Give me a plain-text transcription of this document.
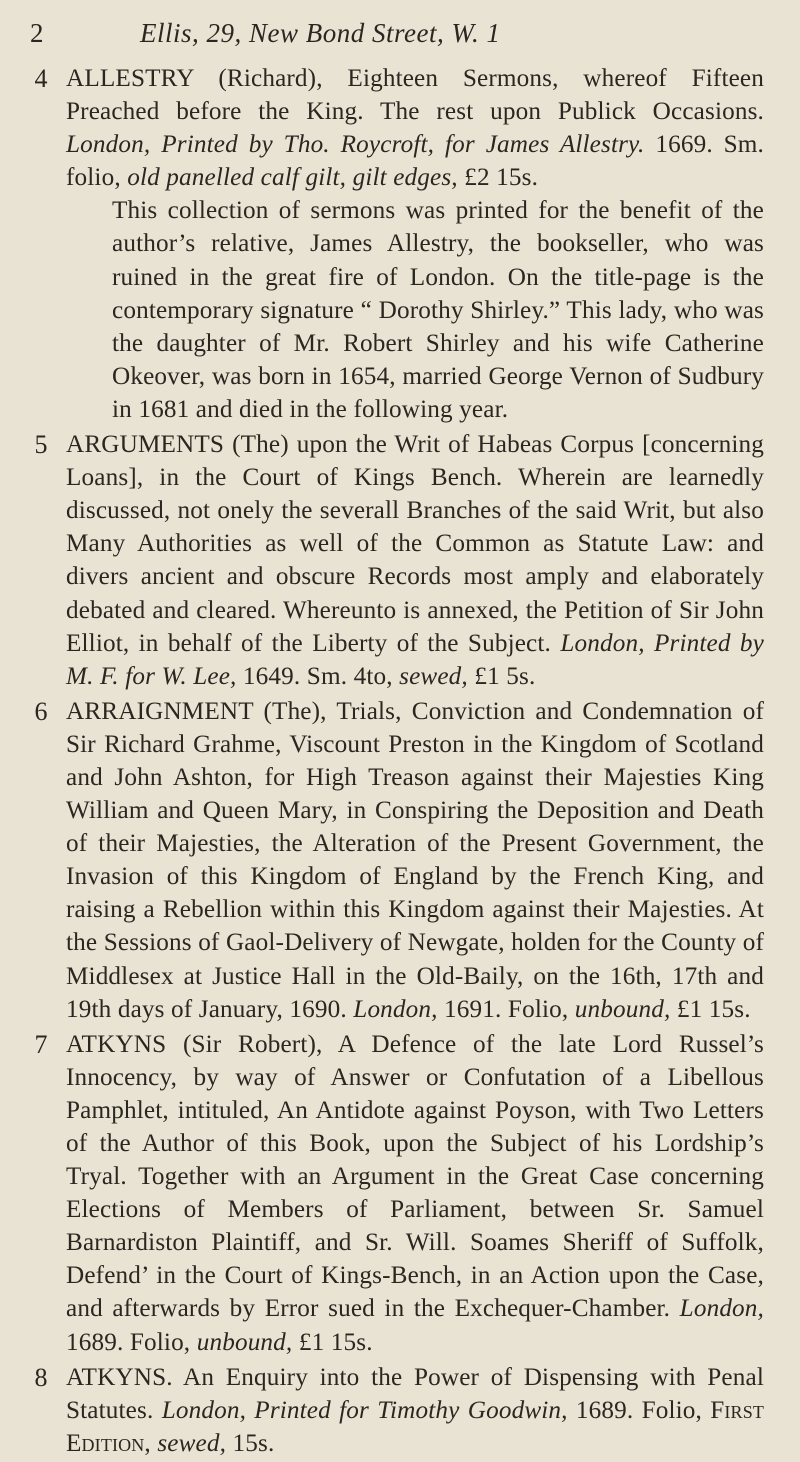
2	Ellis, 29, New Bond Street, W. 1
4 ALLESTRY (Richard), Eighteen Sermons, whereof Fifteen Preached before the King. The rest upon Publick Occasions. London, Printed by Tho. Roycroft, for James Allestry. 1669. Sm. folio, old panelled calf gilt, gilt edges, £2 15s.
This collection of sermons was printed for the benefit of the author’s relative, James Allestry, the bookseller, who was ruined in the great fire of London. On the title-page is the contemporary signature “ Dorothy Shirley.” This lady, who was the daughter of Mr. Robert Shirley and his wife Catherine Okeover, was born in 1654, married George Vernon of Sudbury in 1681 and died in the following year.
5 ARGUMENTS (The) upon the Writ of Habeas Corpus [concerning Loans], in the Court of Kings Bench. Wherein are learnedly discussed, not onely the severall Branches of the said Writ, but also Many Authorities as well of the Common as Statute Law: and divers ancient and obscure Records most amply and elaborately debated and cleared. Whereunto is annexed, the Petition of Sir John Elliot, in behalf of the Liberty of the Subject. London, Printed by M. F. for W. Lee, 1649. Sm. 4to, sewed, £1 5s.
6 ARRAIGNMENT (The), Trials, Conviction and Condemnation of Sir Richard Grahme, Viscount Preston in the Kingdom of Scotland and John Ashton, for High Treason against their Majesties King William and Queen Mary, in Conspiring the Deposition and Death of their Majesties, the Alteration of the Present Government, the Invasion of this Kingdom of England by the French King, and raising a Rebellion within this Kingdom against their Majesties. At the Sessions of Gaol-Delivery of Newgate, holden for the County of Middlesex at Justice Hall in the Old-Baily, on the 16th, 17th and 19th days of January, 1690. London, 1691. Folio, unbound, £1 15s.
7 ATKYNS (Sir Robert), A Defence of the late Lord Russel’s Innocency, by way of Answer or Confutation of a Libellous Pamphlet, intituled, An Antidote against Poyson, with Two Letters of the Author of this Book, upon the Subject of his Lordship’s Tryal. Together with an Argument in the Great Case concerning Elections of Members of Parliament, between Sr. Samuel Barnardiston Plaintiff, and Sr. Will. Soames Sheriff of Suffolk, Defend’ in the Court of Kings-Bench, in an Action upon the Case, and afterwards by Error sued in the Exchequer-Chamber. London, 1689. Folio, unbound, £1 15s.
8 ATKYNS. An Enquiry into the Power of Dispensing with Penal Statutes. London, Printed for Timothy Goodwin, 1689. Folio, First Edition, sewed, 15s.
